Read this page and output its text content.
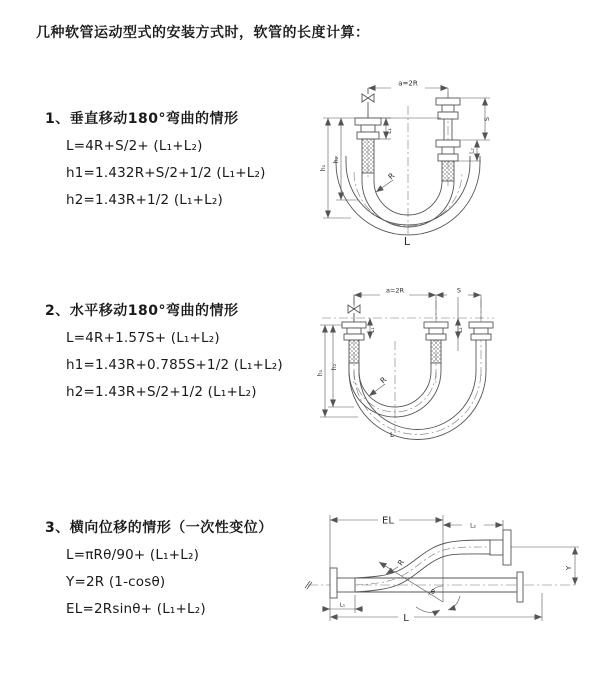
几种软管运动型式的安装方式时，软管的长度计算：
1、垂直移动180°弯曲的情形
L=4R+S/2+ (L₁+L₂)
h1=1.432R+S/2+1/2 (L₁+L₂)
h2=1.43R+1/2 (L₁+L₂)
2、水平移动180°弯曲的情形
L=4R+1.57S+ (L₁+L₂)
h1=1.43R+0.785S+1/2 (L₁+L₂)
h2=1.43R+S/2+1/2 (L₁+L₂)
3、横向位移的情形（一次性变位）
L=πRθ/90+ (L₁+L₂)
Y=2R (1-cosθ)
EL=2Rsinθ+ (L₁+L₂)
a=2R
L₁
S
L₂
h₁
h₂
R
L
a=2R	S
L₁	L₂
h₁
h₂
R
L
EL	L₂
Y
R
θ
L₁
L
